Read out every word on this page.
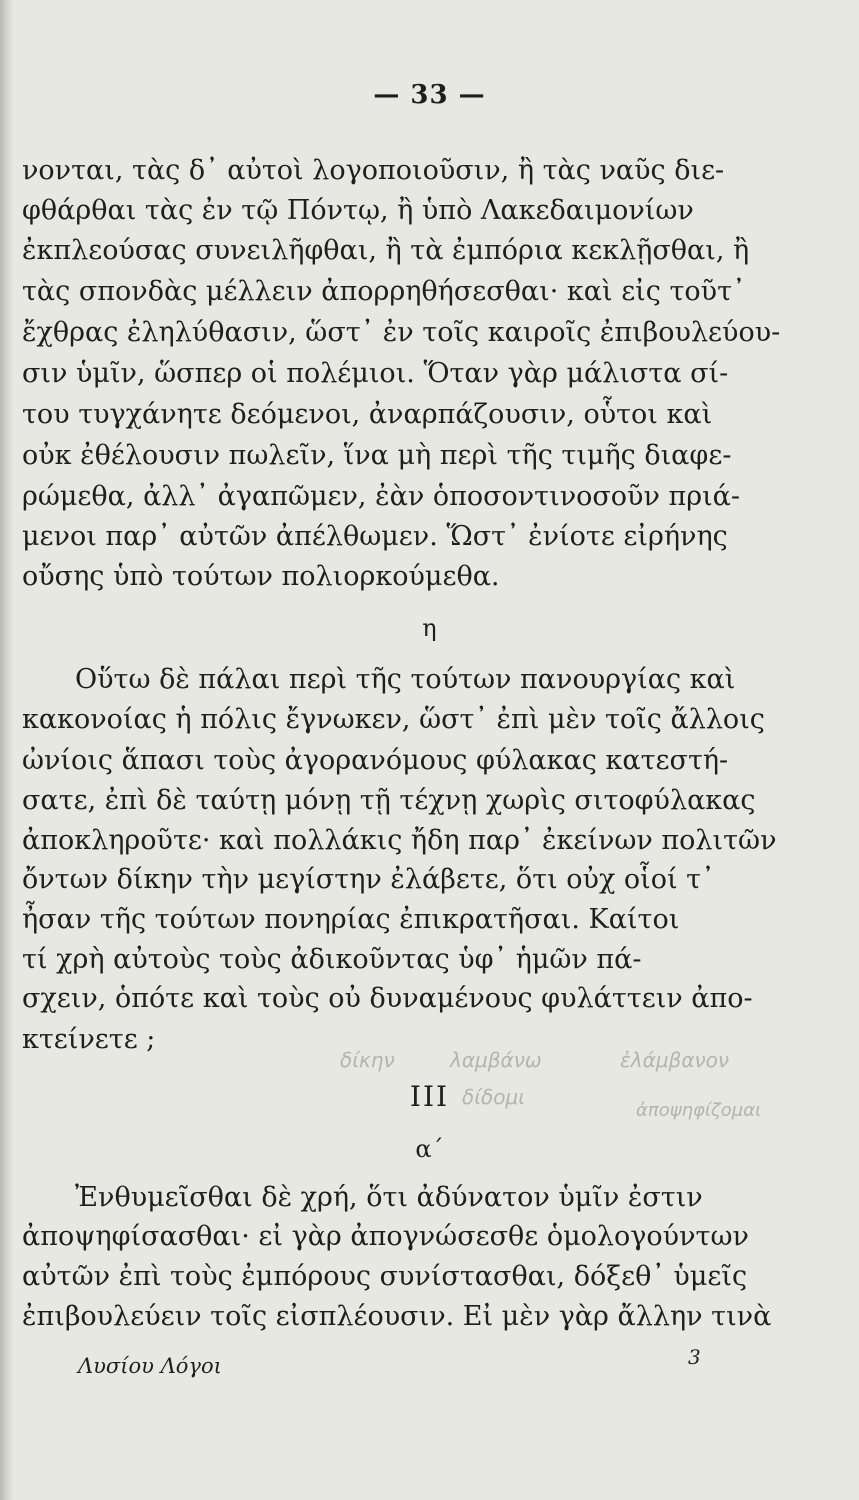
— 33 —
νονται, τὰς δ᾽ αὐτοὶ λογοποιοῦσιν, ἢ τὰς ναῦς διε-
φθάρθαι τὰς ἐν τῷ Πόντῳ, ἢ ὑπὸ Λακεδαιμονίων
ἐκπλεούσας συνειλῆφθαι, ἢ τὰ ἐμπόρια κεκλῇσθαι, ἢ
τὰς σπονδὰς μέλλειν ἀπορρηθήσεσθαι· καὶ εἰς τοῦτ᾽
ἔχθρας ἐληλύθασιν, ὥστ᾽ ἐν τοῖς καιροῖς ἐπιβουλεύου-
σιν ὑμῖν, ὥσπερ οἱ πολέμιοι. Ὅταν γὰρ μάλιστα σί-
του τυγχάνητε δεόμενοι, ἀναρπάζουσιν, οὗτοι καὶ
οὐκ ἐθέλουσιν πωλεῖν, ἵνα μὴ περὶ τῆς τιμῆς διαφε-
ρώμεθα, ἀλλ᾽ ἀγαπῶμεν, ἐὰν ὁποσοντινοσοῦν πριά-
μενοι παρ᾽ αὐτῶν ἀπέλθωμεν. Ὥστ᾽ ἐνίοτε εἰρήνης
οὔσης ὑπὸ τούτων πολιορκούμεθα.
η
Οὕτω δὲ πάλαι περὶ τῆς τούτων πανουργίας καὶ
κακονοίας ἡ πόλις ἔγνωκεν, ὥστ᾽ ἐπὶ μὲν τοῖς ἄλλοις
ὠνίοις ἅπασι τοὺς ἀγορανόμους φύλακας κατεστή-
σατε, ἐπὶ δὲ ταύτῃ μόνῃ τῇ τέχνῃ χωρὶς σιτοφύλακας
ἀποκληροῦτε· καὶ πολλάκις ἤδη παρ᾽ ἐκείνων πολιτῶν
ὄντων δίκην τὴν μεγίστην ἐλάβετε, ὅτι οὐχ οἷοί τ᾽
ἦσαν τῆς τούτων πονηρίας ἐπικρατῆσαι. Καίτοι
τί χρὴ αὐτοὺς τοὺς ἀδικοῦντας ὑφ᾽ ἡμῶν πά-
σχειν, ὁπότε καὶ τοὺς οὐ δυναμένους φυλάττειν ἀπο-
κτείνετε ;
III
α´
Ἐνθυμεῖσθαι δὲ χρή, ὅτι ἀδύνατον ὑμῖν ἐστιν
ἀποψηφίσασθαι· εἰ γὰρ ἀπογνώσεσθε ὁμολογούντων
αὐτῶν ἐπὶ τοὺς ἐμπόρους συνίστασθαι, δόξεθ᾽ ὑμεῖς
ἐπιβουλεύειν τοῖς εἰσπλέουσιν. Εἰ μὲν γὰρ ἄλλην τινὰ
Λυσίου Λόγοι	3
δίκην	λαμβάνω	ἐλάμβανον
δίδομι
ἀποψηφίζομαι
